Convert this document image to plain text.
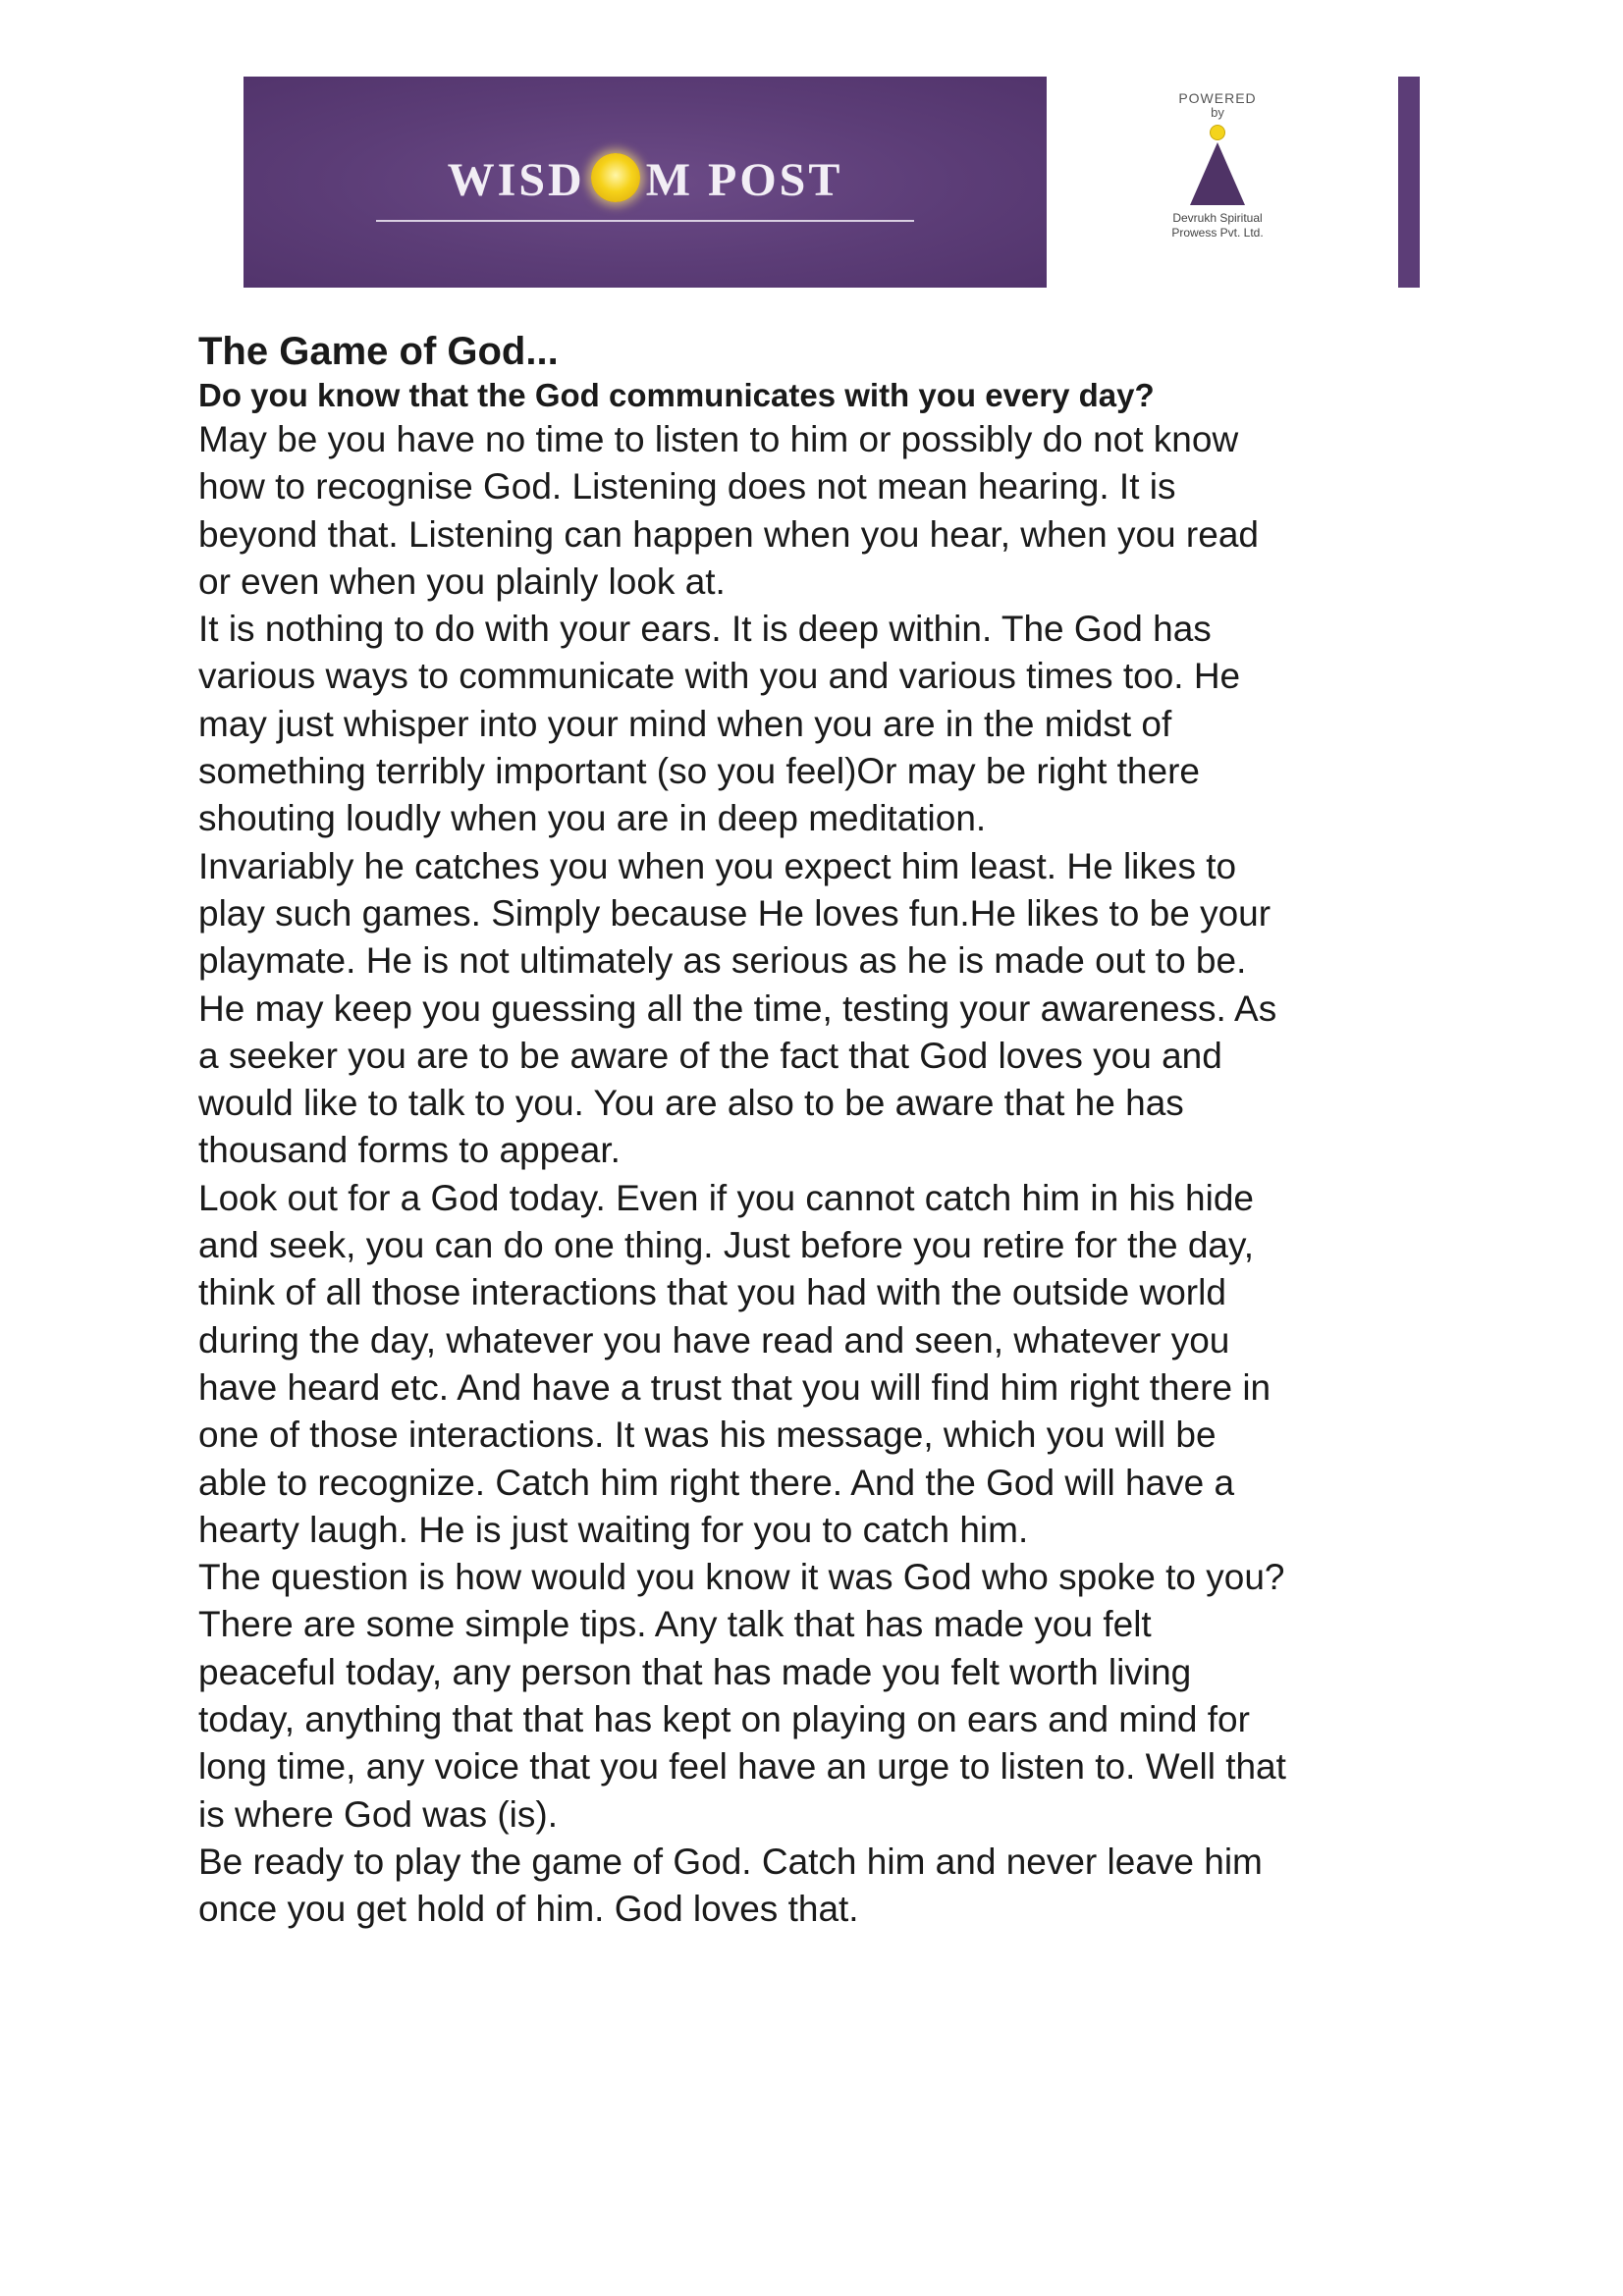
WISD M POST
POWERED
by
Devrukh Spiritual
Prowess Pvt. Ltd.
The Game of God...
Do you know that the God communicates with you every day?

May be you have no time to listen to him or possibly do not know
how to recognise God. Listening does not mean hearing. It is
beyond that. Listening can happen when you hear, when you read
or even when you plainly look at.

It is nothing to do with your ears. It is deep within. The God has
various ways to communicate with you and various times too. He
may just whisper into your mind when you are in the midst of
something terribly important (so you feel)Or may be right there
shouting loudly when you are in deep meditation.

Invariably he catches you when you expect him least. He likes to
play such games. Simply because He loves fun.He likes to be your
playmate. He is not ultimately as serious as he is made out to be.
He may keep you guessing all the time, testing your awareness. As
a seeker you are to be aware of the fact that God loves you and
would like to talk to you. You are also to be aware that he has
thousand forms to appear.

Look out for a God today. Even if you cannot catch him in his hide
and seek, you can do one thing. Just before you retire for the day,
think of all those interactions that you had with the outside world
during the day, whatever you have read and seen, whatever you
have heard etc. And have a trust that you will find him right there in
one of those interactions. It was his message, which you will be
able to recognize. Catch him right there. And the God will have a
hearty laugh. He is just waiting for you to catch him.

The question is how would you know it was God who spoke to you?
There are some simple tips. Any talk that has made you felt
peaceful today, any person that has made you felt worth living
today, anything that that has kept on playing on ears and mind for
long time, any voice that you feel have an urge to listen to. Well that
is where God was (is).

Be ready to play the game of God. Catch him and never leave him
once you get hold of him. God loves that.
